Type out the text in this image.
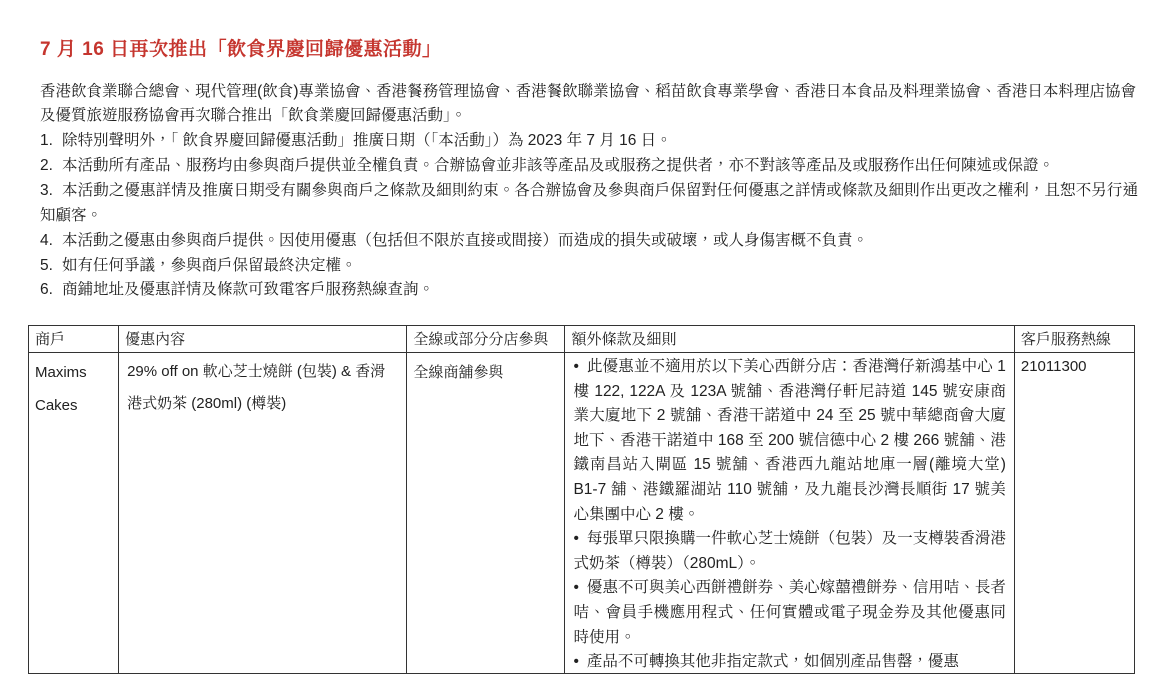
7 月 16 日再次推出「飲食界慶回歸優惠活動」

香港飲食業聯合總會、現代管理(飲食)專業協會、香港餐務管理協會、香港餐飲聯業協會、稻苗飲食專業學會、香港日本食品及料理業協會、香港日本料理店協會及優質旅遊服務協會再次聯合推出「飲食業慶回歸優惠活動」。

1. 除特別聲明外，「 飲食界慶回歸優惠活動」推廣日期（「本活動」）為 2023 年 7 月 16 日。
2. 本活動所有產品、服務均由參與商戶提供並全權負責。合辦協會並非該等產品及或服務之提供者，亦不對該等產品及或服務作出任何陳述或保證。
3. 本活動之優惠詳情及推廣日期受有關參與商戶之條款及細則約束。各合辦協會及參與商戶保留對任何優惠之詳情或條款及細則作出更改之權利，且恕不另行通知顧客。
4. 本活動之優惠由參與商戶提供。因使用優惠（包括但不限於直接或間接）而造成的損失或破壞，或人身傷害概不負責。
5. 如有任何爭議，參與商戶保留最終決定權。
6. 商鋪地址及優惠詳情及條款可致電客戶服務熱線查詢。
商戶	優惠內容	全線或部分分店參與	額外條款及細則	客戶服務熱線
Maxims Cakes	29% off on 軟心芝士燒餅 (包裝) & 香滑港式奶茶 (280ml) (樽裝)	全線商舖參與	• 此優惠並不適用於以下美心西餅分店：香港灣仔新鴻基中心 1 樓 122, 122A 及 123A 號舖、香港灣仔軒尼詩道 145 號安康商業大廈地下 2 號舖、香港干諾道中 24 至 25 號中華總商會大廈地下、香港干諾道中 168 至 200 號信德中心 2 樓 266 號舖、港鐵南昌站入閘區 15 號舖、香港西九龍站地庫一層(離境大堂) B1-7 舖、港鐵羅湖站 110 號舖，及九龍長沙灣長順街 17 號美心集團中心 2 樓。
• 每張單只限換購一件軟心芝士燒餅（包裝）及一支樽裝香滑港式奶茶（樽裝）（280mL）。
• 優惠不可與美心西餅禮餅券、美心嫁囍禮餅券、信用咭、長者咭、會員手機應用程式、任何實體或電子現金券及其他優惠同時使用。
• 產品不可轉換其他非指定款式，如個別產品售罄，優惠	21011300
